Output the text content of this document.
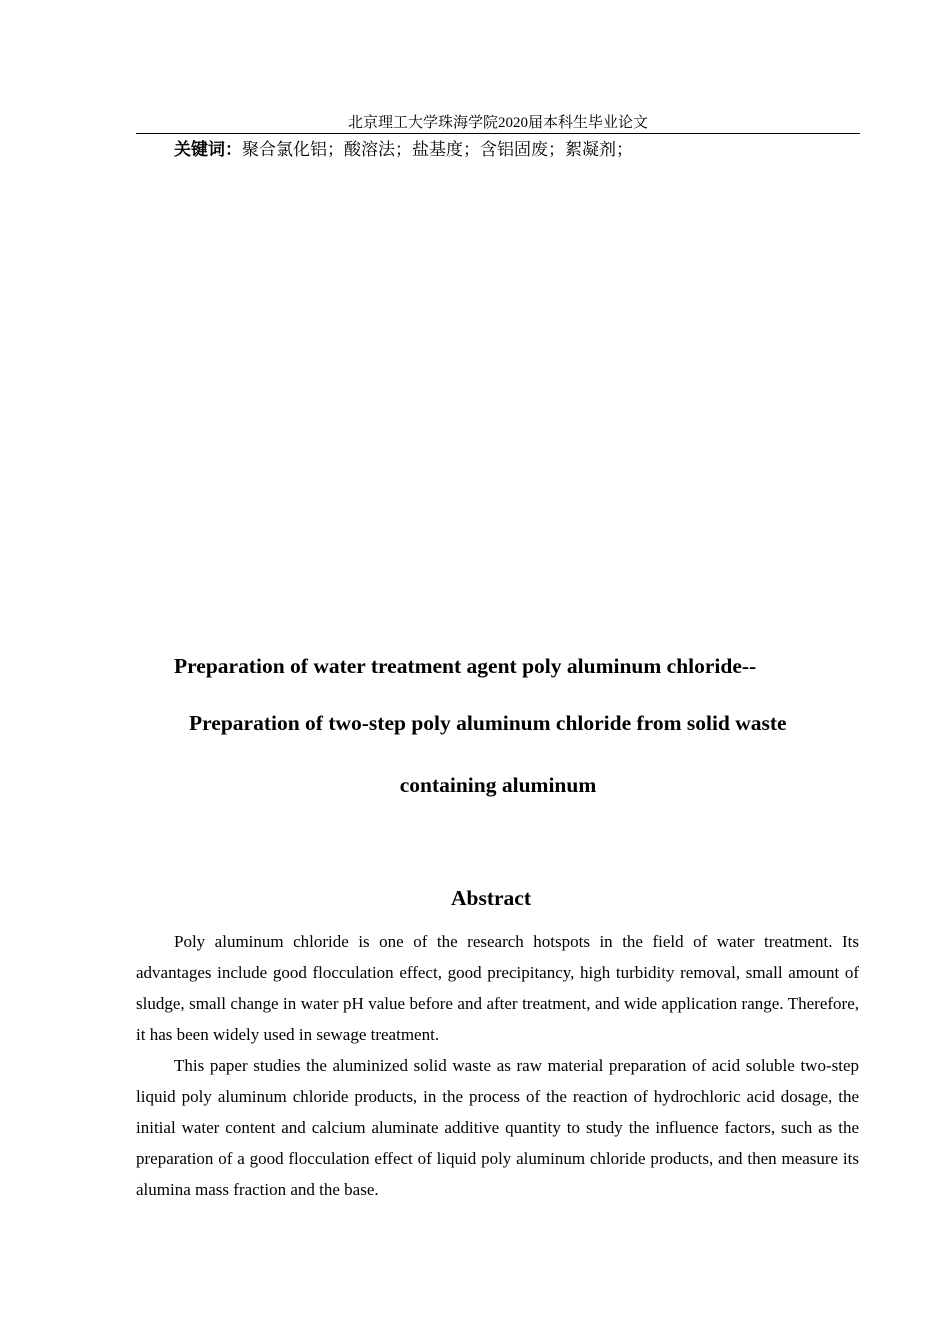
北京理工大学珠海学院2020届本科生毕业论文
关键词：聚合氯化铝；酸溶法；盐基度；含铝固废；絮凝剂；
Preparation of water treatment agent poly aluminum chloride--
Preparation of two-step poly aluminum chloride from solid waste
containing aluminum
Abstract
Poly aluminum chloride is one of the research hotspots in the field of water treatment. Its advantages include good flocculation effect, good precipitancy, high turbidity removal, small amount of sludge, small change in water pH value before and after treatment, and wide application range. Therefore, it has been widely used in sewage treatment.
This paper studies the aluminized solid waste as raw material preparation of acid soluble two-step liquid poly aluminum chloride products, in the process of the reaction of hydrochloric acid dosage, the initial water content and calcium aluminate additive quantity to study the influence factors, such as the preparation of a good flocculation effect of liquid poly aluminum chloride products, and then measure its alumina mass fraction and the base.
